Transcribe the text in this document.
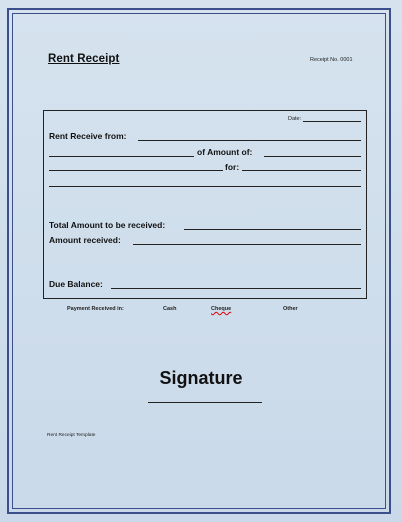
Rent Receipt	Receipt No. 0001
Date:
Rent Receive from:
of Amount of:
for:
Total Amount to be received:
Amount received:
Due Balance:
Payment Received in:	Cash	Cheque	Other
Signature
Rent Receipt Template
